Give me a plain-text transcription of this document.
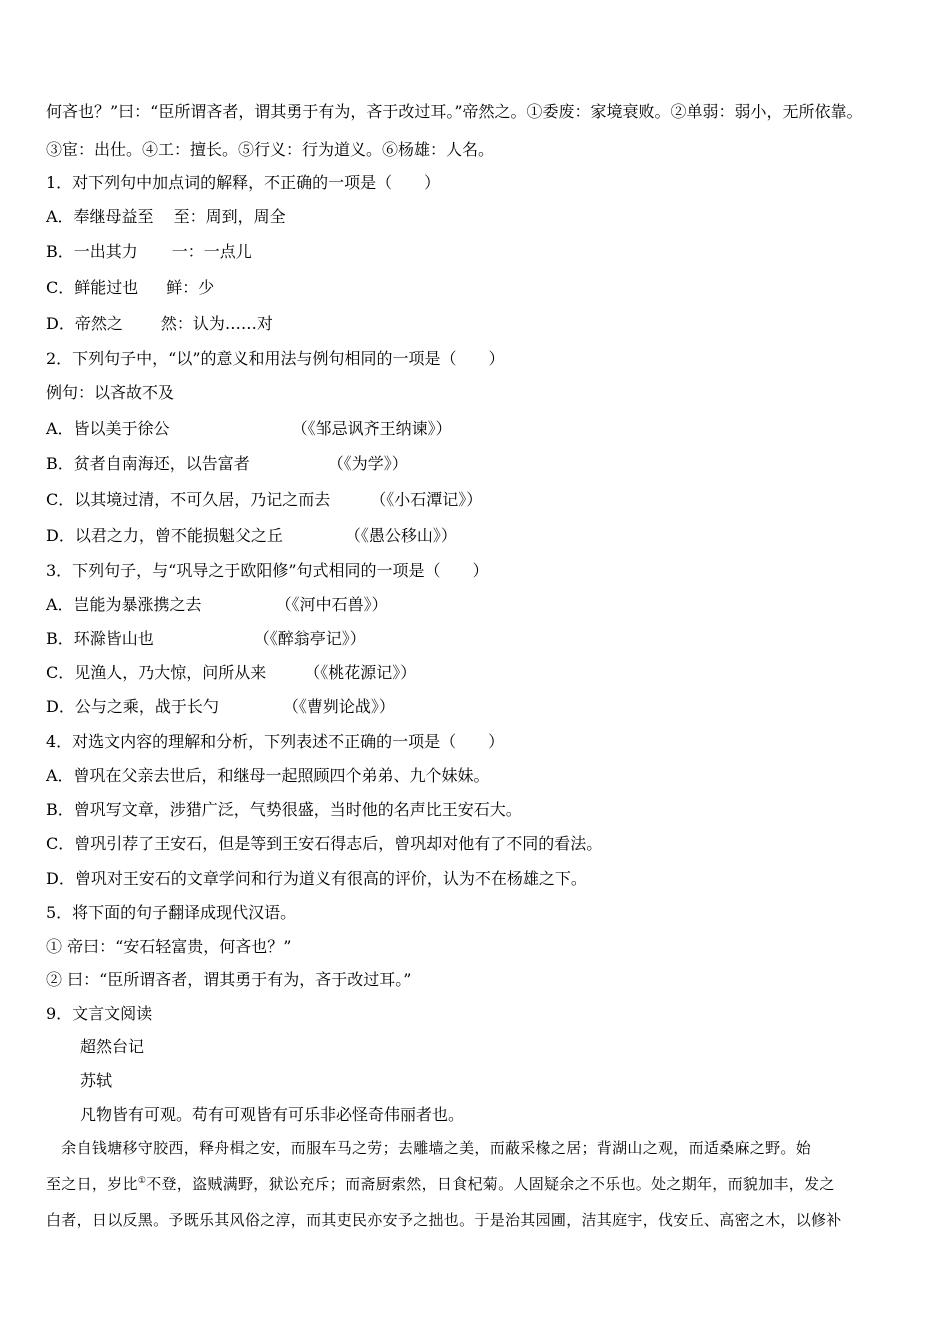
何吝也？”曰：“臣所谓吝者，谓其勇于有为，吝于改过耳。”帝然之。①委废：家境衰败。②单弱：弱小，无所依靠。
③宦：出仕。④工：擅长。⑤行义：行为道义。⑥杨雄：人名。
1．对下列句中加点词的解释，不正确的一项是（　　）
A．奉继母益至 至：周到，周全
B．一出其力 一：一点儿
C．鲜能过也 鲜：少
D．帝然之 然：认为……对
2．下列句子中，“以”的意义和用法与例句相同的一项是（　　）
例句：以吝故不及
A．皆以美于徐公	（《邹忌讽齐王纳谏》）
B．贫者自南海还，以告富者	（《为学》）
C．以其境过清，不可久居，乃记之而去	（《小石潭记》）
D．以君之力，曾不能损魁父之丘	（《愚公移山》）
3．下列句子，与“巩导之于欧阳修”句式相同的一项是（　　）
A．岂能为暴涨携之去	（《河中石兽》）
B．环滁皆山也	（《醉翁亭记》）
C．见渔人，乃大惊，问所从来 （《桃花源记》）
D．公与之乘，战于长勺	（《曹刿论战》）
4．对选文内容的理解和分析，下列表述不正确的一项是（　　）
A．曾巩在父亲去世后，和继母一起照顾四个弟弟、九个妹妹。
B．曾巩写文章，涉猎广泛，气势很盛，当时他的名声比王安石大。
C．曾巩引荐了王安石，但是等到王安石得志后，曾巩却对他有了不同的看法。
D．曾巩对王安石的文章学问和行为道义有很高的评价，认为不在杨雄之下。
5．将下面的句子翻译成现代汉语。
① 帝曰：“安石轻富贵，何吝也？”
② 曰：“臣所谓吝者，谓其勇于有为，吝于改过耳。”
9．文言文阅读
超然台记
苏轼
凡物皆有可观。苟有可观皆有可乐非必怪奇伟丽者也。
　余自钱塘移守胶西，释舟楫之安，而服车马之劳；去雕墙之美，而蔽采椽之居；背湖山之观，而适桑麻之野。始
至之日，岁比①不登，盗贼满野，狱讼充斥；而斋厨索然，日食杞菊。人固疑余之不乐也。处之期年，而貌加丰，发之
白者，日以反黑。予既乐其风俗之淳，而其吏民亦安予之拙也。于是治其园圃，洁其庭宇，伐安丘、高密之木，以修补
